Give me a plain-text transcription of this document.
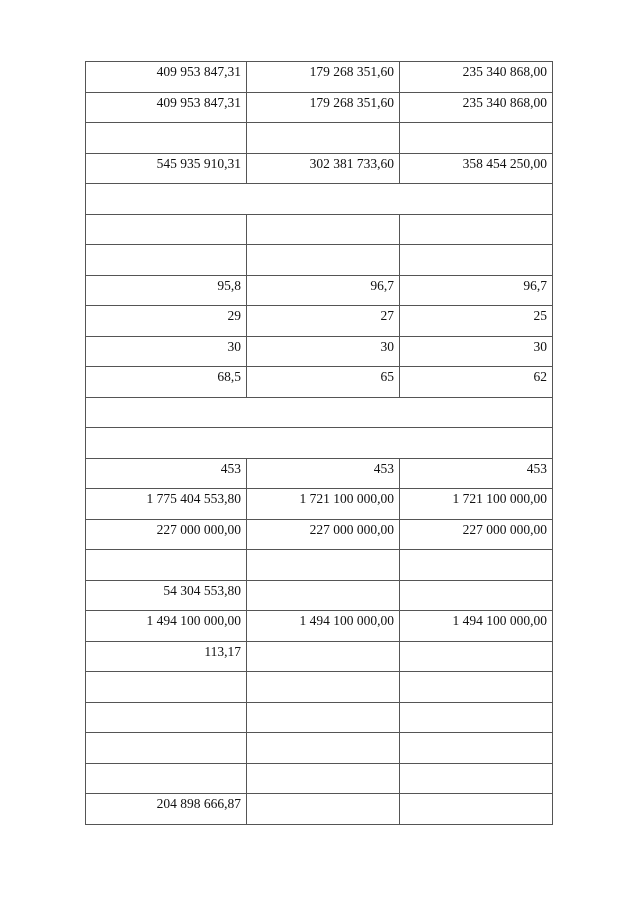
409 953 847,31	179 268 351,60	235 340 868,00
409 953 847,31	179 268 351,60	235 340 868,00

545 935 910,31	302 381 733,60	358 454 250,00

95,8	96,7	96,7
29	27	25
30	30	30
68,5	65	62

453	453	453
1 775 404 553,80	1 721 100 000,00	1 721 100 000,00
227 000 000,00	227 000 000,00	227 000 000,00

54 304 553,80		
1 494 100 000,00	1 494 100 000,00	1 494 100 000,00
113,17		

204 898 666,87		
